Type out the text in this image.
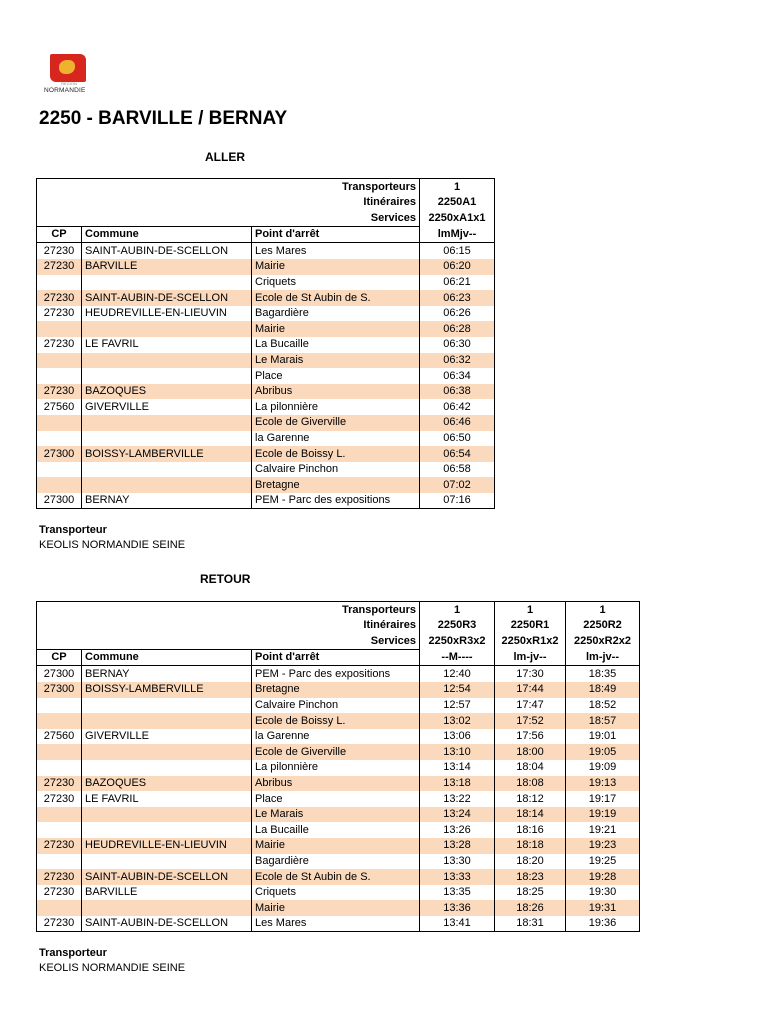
RÉGION
NORMANDIE
2250 - BARVILLE / BERNAY
ALLER
Transporteurs			1
Itinéraires			2250A1
Services			2250xA1x1
CP	Commune	Point d'arrêt	lmMjv--
27230	SAINT-AUBIN-DE-SCELLON	Les Mares	06:15
27230	BARVILLE	Mairie	06:20
		Criquets	06:21
27230	SAINT-AUBIN-DE-SCELLON	Ecole de St Aubin de S.	06:23
27230	HEUDREVILLE-EN-LIEUVIN	Bagardière	06:26
		Mairie	06:28
27230	LE FAVRIL	La Bucaille	06:30
		Le Marais	06:32
		Place	06:34
27230	BAZOQUES	Abribus	06:38
27560	GIVERVILLE	La pilonnière	06:42
		Ecole de Giverville	06:46
		la Garenne	06:50
27300	BOISSY-LAMBERVILLE	Ecole de Boissy L.	06:54
		Calvaire Pinchon	06:58
		Bretagne	07:02
27300	BERNAY	PEM - Parc des expositions	07:16
Transporteur
KEOLIS NORMANDIE SEINE
RETOUR
Transporteurs			1	1	1
Itinéraires			2250R3	2250R1	2250R2
Services			2250xR3x2	2250xR1x2	2250xR2x2
CP	Commune	Point d'arrêt	--M----	lm-jv--	lm-jv--
27300	BERNAY	PEM - Parc des expositions	12:40	17:30	18:35
27300	BOISSY-LAMBERVILLE	Bretagne	12:54	17:44	18:49
		Calvaire Pinchon	12:57	17:47	18:52
		Ecole de Boissy L.	13:02	17:52	18:57
27560	GIVERVILLE	la Garenne	13:06	17:56	19:01
		Ecole de Giverville	13:10	18:00	19:05
		La pilonnière	13:14	18:04	19:09
27230	BAZOQUES	Abribus	13:18	18:08	19:13
27230	LE FAVRIL	Place	13:22	18:12	19:17
		Le Marais	13:24	18:14	19:19
		La Bucaille	13:26	18:16	19:21
27230	HEUDREVILLE-EN-LIEUVIN	Mairie	13:28	18:18	19:23
		Bagardière	13:30	18:20	19:25
27230	SAINT-AUBIN-DE-SCELLON	Ecole de St Aubin de S.	13:33	18:23	19:28
27230	BARVILLE	Criquets	13:35	18:25	19:30
		Mairie	13:36	18:26	19:31
27230	SAINT-AUBIN-DE-SCELLON	Les Mares	13:41	18:31	19:36
Transporteur
KEOLIS NORMANDIE SEINE
